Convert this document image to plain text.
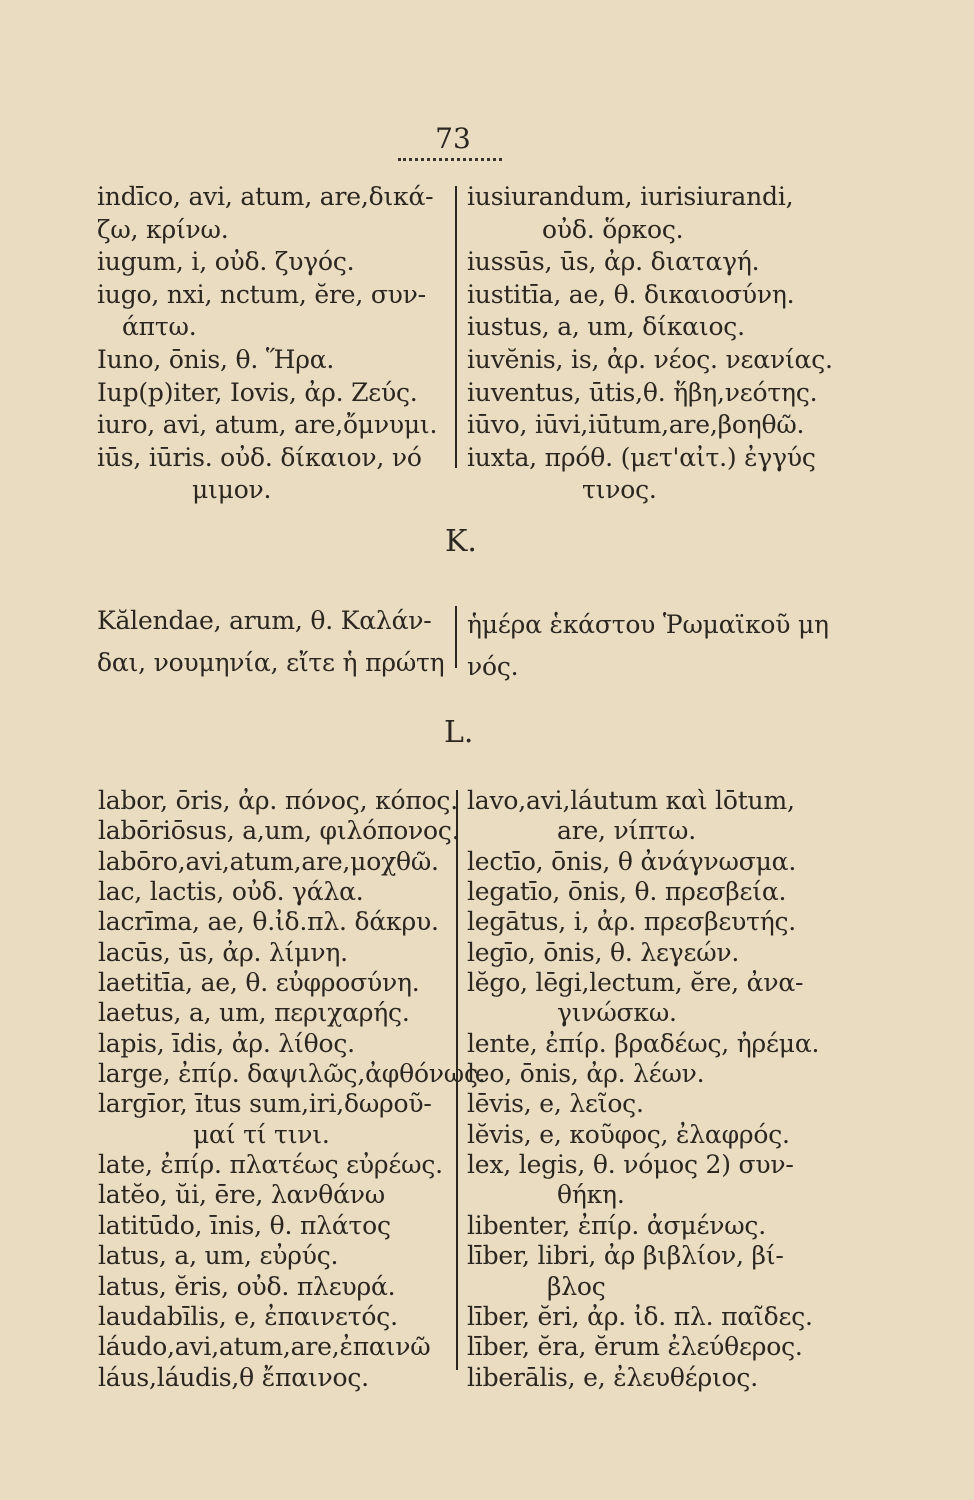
73
indīco, avi, atum, are,δικά-
ζω, κρίνω.
iugum, i, οὐδ. ζυγός.
iugo, nxi, nctum, ĕre, συν-
άπτω.
Iuno, ōnis, θ. Ἥρα.
Iup(p)iter, Iovis, ἀρ. Ζεύς.
iuro, avi, atum, are,ὄμνυμι.
iūs, iūris. οὐδ. δίκαιον, νό
μιμον.
iusiurandum, iurisiurandi,
οὐδ. ὅρκος.
iussūs, ūs, ἀρ. διαταγή.
iustitīa, ae, θ. δικαιοσύνη.
iustus, a, um, δίκαιος.
iuvĕnis, is, ἀρ. νέος. νεανίας.
iuventus, ūtis,θ. ἥβη,νεότης.
iūvo, iūvi,iūtum,are,βοηθῶ.
iuxta, πρόθ. (μετ'αἰτ.) ἐγγύς
τινος.
K.
Kălendae, arum, θ. Καλάν-
δαι, νουμηνία, εἴτε ἡ πρώτη
ἡμέρα ἑκάστου Ῥωμαϊκοῦ μη
νός.
L.
labor, ōris, ἀρ. πόνος, κόπος.
labōriōsus, a,um, φιλόπονος.
labōro,avi,atum,are,μοχθῶ.
lac, lactis, οὐδ. γάλα.
lacrīma, ae, θ.ἰδ.πλ. δάκρυ.
lacūs, ūs, ἀρ. λίμνη.
laetitīa, ae, θ. εὐφροσύνη.
laetus, a, um, περιχαρής.
lapis, īdis, ἀρ. λίθος.
large, ἐπίρ. δαψιλῶς,ἀφθόνως.
largīor, ītus sum,iri,δωροῦ-
μαί τί τινι.
late, ἐπίρ. πλατέως εὐρέως.
latĕo, ŭi, ēre, λανθάνω
latitūdo, īnis, θ. πλάτος
latus, a, um, εὐρύς.
latus, ĕris, οὐδ. πλευρά.
laudabīlis, e, ἐπαινετός.
láudo,avi,atum,are,ἐπαινῶ
láus,láudis,θ ἔπαινος.
lavo,avi,láutum καὶ lōtum,
are, νίπτω.
lectīo, ōnis, θ ἀνάγνωσμα.
legatīo, ōnis, θ. πρεσβεία.
legātus, i, ἀρ. πρεσβευτής.
legīo, ōnis, θ. λεγεών.
lĕgo, lēgi,lectum, ĕre, ἀνα-
γινώσκω.
lente, ἐπίρ. βραδέως, ἠρέμα.
leo, ōnis, ἀρ. λέων.
lēvis, e, λεῖος.
lĕvis, e, κοῦφος, ἐλαφρός.
lex, legis, θ. νόμος 2) συν-
θήκη.
libenter, ἐπίρ. ἀσμένως.
līber, libri, ἀρ βιβλίον, βί-
βλος
līber, ĕri, ἀρ. ἰδ. πλ. παῖδες.
līber, ĕra, ĕrum ἐλεύθερος.
liberālis, e, ἐλευθέριος.
